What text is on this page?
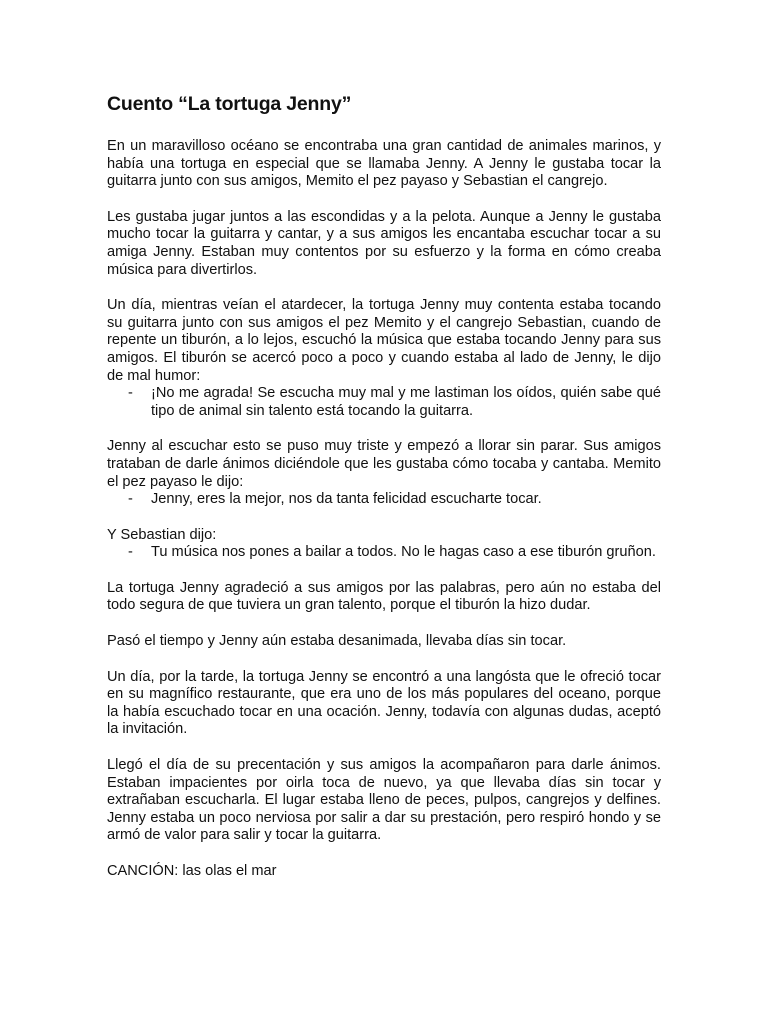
Cuento “La tortuga Jenny”

En un maravilloso océano se encontraba una gran cantidad de animales marinos, y había una tortuga en especial que se llamaba Jenny. A Jenny le gustaba tocar la guitarra junto con sus amigos, Memito el pez payaso y Sebastian el cangrejo.

Les gustaba jugar juntos a las escondidas y a la pelota. Aunque a Jenny le gustaba mucho tocar la guitarra y cantar, y a sus amigos les encantaba escuchar tocar a su amiga Jenny. Estaban muy contentos por su esfuerzo y la forma en cómo creaba música para divertirlos.

Un día, mientras veían el atardecer, la tortuga Jenny muy contenta estaba tocando su guitarra junto con sus amigos el pez Memito y el cangrejo Sebastian, cuando de repente un tiburón, a lo lejos, escuchó la música que estaba tocando Jenny para sus amigos. El tiburón se acercó poco a poco y cuando estaba al lado de Jenny, le dijo de mal humor:

-	¡No me agrada! Se escucha muy mal y me lastiman los oídos, quién sabe qué tipo de animal sin talento está tocando la guitarra.

Jenny al escuchar esto se puso muy triste y empezó a llorar sin parar. Sus amigos trataban de darle ánimos diciéndole que les gustaba cómo tocaba y cantaba. Memito el pez payaso le dijo:

-	Jenny, eres la mejor, nos da tanta felicidad escucharte tocar.

Y Sebastian dijo:

-	Tu música nos pones a bailar a todos. No le hagas caso a ese tiburón gruñon.

La tortuga Jenny agradeció a sus amigos por las palabras, pero aún no estaba del todo segura de que tuviera un gran talento, porque el tiburón la hizo dudar.

Pasó el tiempo y Jenny aún estaba desanimada, llevaba días sin tocar.

Un día, por la tarde, la tortuga Jenny se encontró a una langósta que le ofreció tocar en su magnífico restaurante, que era uno de los más populares del oceano, porque la había escuchado tocar en una ocación. Jenny, todavía con algunas dudas, aceptó la invitación.

Llegó el día de su precentación y sus amigos la acompañaron para darle ánimos. Estaban impacientes por oirla toca de nuevo, ya que llevaba días sin tocar y extrañaban escucharla. El lugar estaba lleno de peces, pulpos, cangrejos y delfines. Jenny estaba un poco nerviosa por salir a dar su prestación, pero respiró hondo y se armó de valor para salir y tocar la guitarra.

CANCIÓN: las olas el mar
